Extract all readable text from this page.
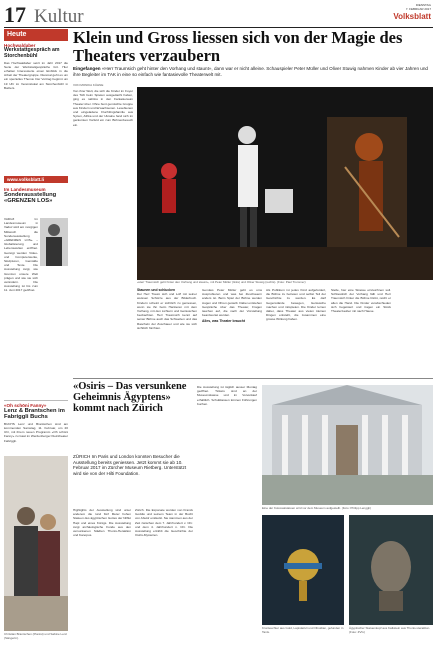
17 Kultur
DIENSTAG
7. FEBRUAR 2017
Volksblatt
Heute
Hochwaldaber
Werkstattgespräch am Storchenbühl
Das Hochwaldaber setzt im Jahr 2017 die Serie der Werkstattgespräche fort. Hier erhalten Interessierte einen Einblick in die Arbeit der Theatergruppe. Diesmal geht es um ein spezielles Thema: Der Vortrag beginnt um 19 Uhr im Vereinslokal am Storchenbühl in Balzers.
www.volksblatt.li
Im Landesmuseum
Sonderausstellung «GRENZEN LOS»
VADUZ Im Landesmuseum in Vaduz wird am morgigen Mittwoch die Sonderausstellung «GRENZEN LOS» – Globalisierung und Lebenswelten eröffnet. Gezeigt werden Video- und Computerwerke, Skulpturen, Gemälde und Texte. Die Ausstellung zeigt, wie Grenzen unsere Welt prägen und wie sie sich verändern. Die Ausstellung ist bis zum 11. Juni 2017 geöffnet.
«Oh schöni Fanny»
Lenz & Brantschen im Fabriggli Buchs
BUCHS Lenz und Brantschen sind am kommenden Samstag, 11. Februar, um 20 Uhr, mit ihrem neuen Programm «Oh schöni Fanny» zu Gast im Werdenberger Kleintheater Fabriggli.
Christian Brantschen (Pianist) und Sabine Lenz (Sängerin).
Klein und Gross liessen sich von der Magie des Theaters verzaubern
Eingefangen «Herr Traumsich geht hinter den Vorhang und staunt», dann war er nicht alleine. Schauspieler Peter Müller und Oliver Stuwig nahmen Kinder ab vier Jahren und ihre Begleiter im TAK in eine so einfach wie fantasievolle Theaterwelt mit.
VON MONIKA KÜHNE
Von ihrer Welt, die sich die Kinder im Foyer des TAK beim Spielen ausgedacht haben, ging es nahtlos in den Fantasieraum Theater über. Ohne bunt gemischte Gruppe aus Kindern und Erwachsenen. Lesebienen und eingeladene Fluchtlingsfamilie aus Syrien, Afrika und der Ukraine fand sich im geräumten Vorfeld ein zum Bühnenbesuch ein.
«Herr Traumsich geht hinter den Vorhang und staunt», mit Peter Müller (links) und Oliver Stuwig (rechts). (Foto: Paul Trummer)
Staunen und schlucken
Der Herr Traum sich und Loff mit seiner weissen Schürze aus der Bilderbuch. Kindern scheint er sichtlich zu geniessen, wenn sie ihn beim Hantieren mit dem Vorhang, mit den Lichtern und Geräuschen beobachten. Herr Traumsich kennt auf seiner Bühne auch das Schweben und das Rascheln der Zuschauer und wie sie sich sichtlich fürchten.
Gemäss Peter Müller geht es ums Ausprobieren und was bei Zuschauern anders ist. Beim Spiel der Bühne werden Augen und Ohren gestellt. Dabei entstehen Gespräche über das Theater, Fragen tauchen auf, die nach der Vorstellung beantwortet werden.
Alles, was Theater braucht
Als Publikum ist jedes Kind aufgefordert, die Bühne zu betreten und selbst Teil der Geschichte zu werden. Es darf Gegenstände bewegen, Geräusche machen und mitspielen. Die Kinder lernen dabei, dass Theater aus vielen kleinen Dingen entsteht, die zusammen eine grosse Wirkung haben.
Stelle, hier eine Strasse einzeichnen soll. Schliesslich der Vorhang fällt und Herr Traumsich hinter die Bühne blickt, reicht er allen die Hand. Die Kinder verabschieden sich begeistert und tragen ein Stück Theaterzauber mit nach Hause.
«Osiris – Das versunkene Geheimnis Ägyptens» kommt nach Zürich
ZÜRICH Im Paris und London konnten Besucher die Ausstellung bereits geniessen. Jetzt kommt sie ab 10. Februar 2017 im Zürcher Museum Rietberg. Unterstützt wird sie von der Hilti Foundation.
Highlights der Ausstellung sind unter anderem die rund fünf Meter hohen Statuen des ägyptischen Gottes der Nilflut Hapi und eines Königs. Die Ausstellung zeigt archäologische Funde aus den versunkenen Städten Thonis-Heraklion und Kanopus.
Zürich. Die Exponate wurden von Franck Goddio und seinem Team in der Bucht von Abukir entdeckt. Sie stammen aus der Zeit zwischen dem 7. Jahrhundert v. Chr. und dem 4. Jahrhundert n. Chr. Die Ausstellung erzählt die Geschichte der Osiris-Mysterien.
Die Ausstellung ist täglich ausser Montag geöffnet. Tickets sind an der Museumskasse und im Vorverkauf erhältlich. Schulklassen können Führungen buchen.
Eine der Kolossalstatuen wird vor dem Museum aufgestellt. (Foto: Philipp Lenggli)
Kronleuchter aus Gold, Lapislazuli und Obsidian, gefunden in Tanis.
Ägyptischer Statuenkopf aus Kalkstein aus Thonis-Heraklion. (Foto: ZVG)
